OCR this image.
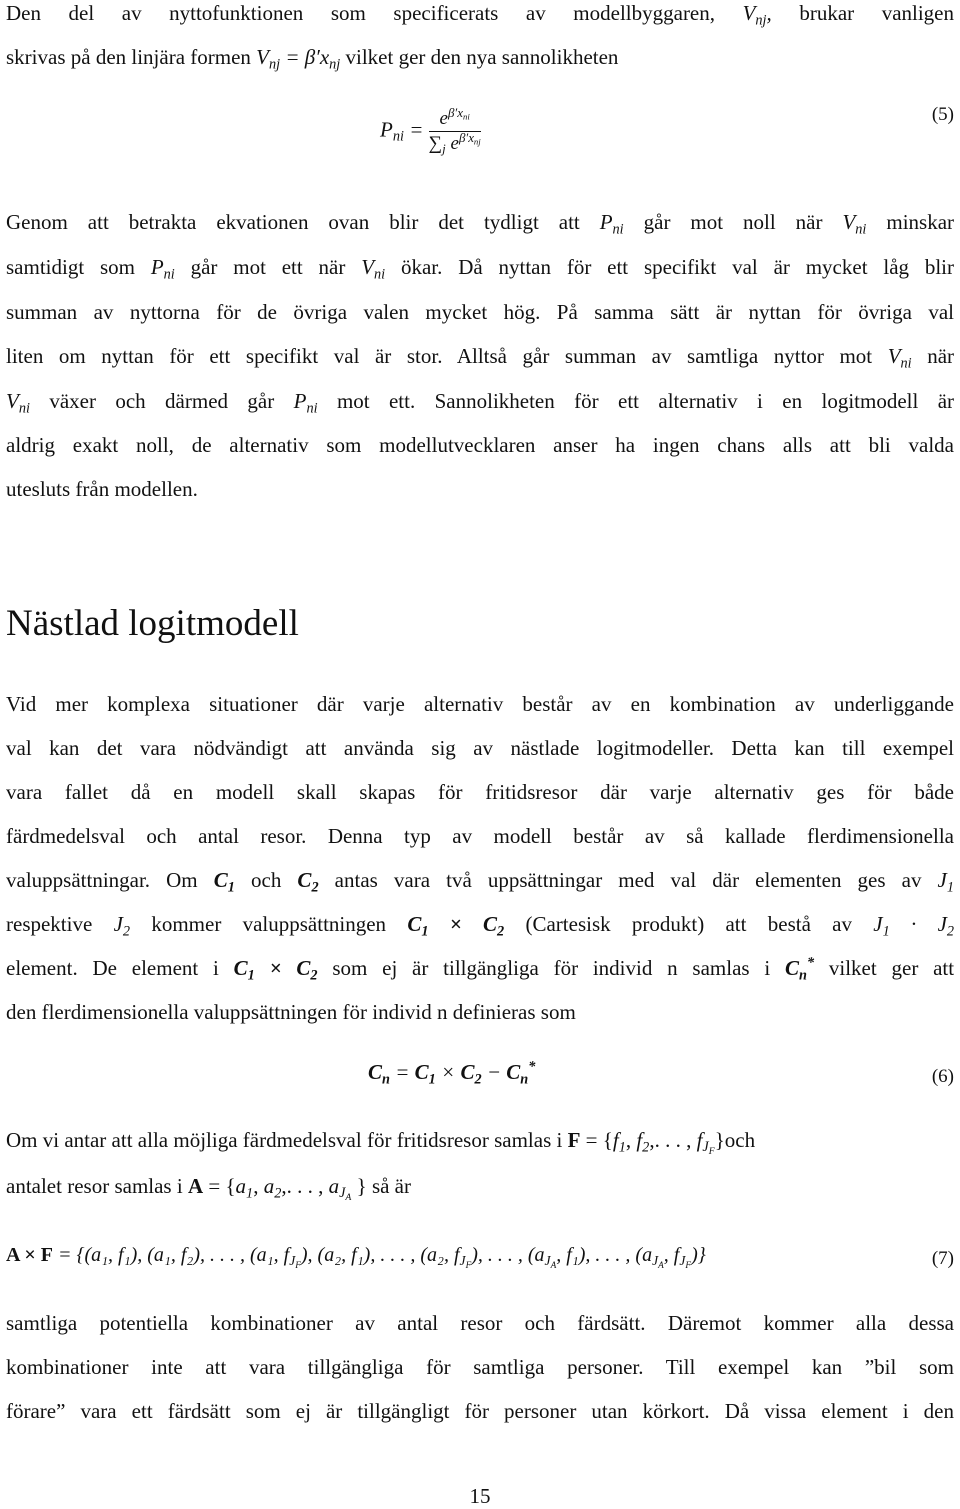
Den del av nyttofunktionen som specificerats av modellbyggaren, $V_{nj}$, brukar vanligen
skrivas på den linjära formen $V_{nj} = \beta'x_{nj}$ vilket ger den nya sannolikheten
$P_{ni} = \frac{e^{\beta'x_{ni}}}{\sum_j e^{\beta'x_{nj}}}$	(5)
Genom att betrakta ekvationen ovan blir det tydligt att $P_{ni}$ går mot noll när $V_{ni}$ minskar
samtidigt som $P_{ni}$ går mot ett när $V_{ni}$ ökar. Då nyttan för ett specifikt val är mycket låg blir
summan av nyttorna för de övriga valen mycket hög. På samma sätt är nyttan för övriga val
liten om nyttan för ett specifikt val är stor. Alltså går summan av samtliga nyttor mot $V_{ni}$ när
$V_{ni}$ växer och därmed går $P_{ni}$ mot ett. Sannolikheten för ett alternativ i en logitmodell är
aldrig exakt noll, de alternativ som modellutvecklaren anser ha ingen chans alls att bli valda
utesluts från modellen.
Nästlad logitmodell
Vid mer komplexa situationer där varje alternativ består av en kombination av underliggande
val kan det vara nödvändigt att använda sig av nästlade logitmodeller. Detta kan till exempel
vara fallet då en modell skall skapas för fritidsresor där varje alternativ ges för både
färdmedelsval och antal resor. Denna typ av modell består av så kallade flerdimensionella
valuppsättningar. Om $C_1$ och $C_2$ antas vara två uppsättningar med val där elementen ges av $J_1$
respektive $J_2$ kommer valuppsättningen $C_1 \times C_2$ (Cartesisk produkt) att bestå av $J_1 \cdot J_2$
element. De element i $C_1 \times C_2$ som ej är tillgängliga för individ n samlas i $C_n^*$ vilket ger att
den flerdimensionella valuppsättningen för individ n definieras som
$C_n = C_1 \times C_2 - C_n^*$	(6)
Om vi antar att alla möjliga färdmedelsval för fritidsresor samlas i $F = \{f_1$, $f_2$,. . . , $f_{J_F}\}och$
antalet resor samlas i $A = \{a_1$, $a_2$,. . . , $a_{J_A}$ } så är
A × F = {(a₁, f₁), (a₁, f₂), . . . , (a₁, $f_{J_F}$), (a₂, f₁), . . . , (a₂, $f_{J_F}$), . . . , ($a_{J_A}$, f₁), . . . , ($a_{J_A}$, $f_{J_F}$)}	(7)
samtliga potentiella kombinationer av antal resor och färdsätt. Däremot kommer alla dessa
kombinationer inte att vara tillgängliga för samtliga personer. Till exempel kan ”bil som
förare” vara ett färdsätt som ej är tillgängligt för personer utan körkort. Då vissa element i den
15
